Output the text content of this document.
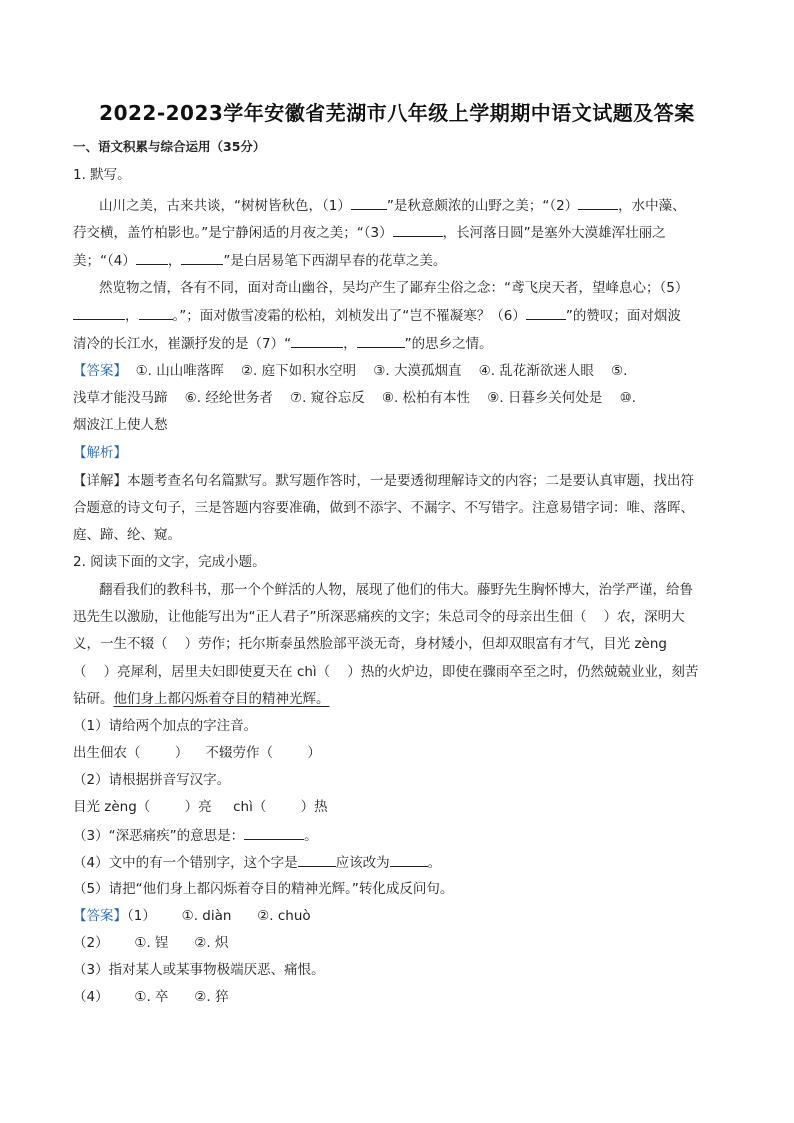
2022-2023学年安徽省芜湖市八年级上学期期中语文试题及答案
一、语文积累与综合运用（35分）
1. 默写。
山川之美，古来共谈，“树树皆秋色，（1）	”是秋意颇浓的山野之美；“（2）	，水中藻、
荇交横，盖竹柏影也。”是宁静闲适的月夜之美；“（3）	，长河落日圆”是塞外大漠雄浑壮丽之
美；“（4） ，	”是白居易笔下西湖早春的花草之美。
然览物之情，各有不同，面对奇山幽谷，吴均产生了鄙弃尘俗之念：“鸢飞戾天者，望峰息心；（5）
，	。”；面对傲雪凌霜的松柏，刘桢发出了“岂不罹凝寒？（6）	”的赞叹；面对烟波
清冷的长江水，崔灏抒发的是（7）“	，	”的思乡之情。
【答案】  ①. 山山唯落晖    ②. 庭下如积水空明    ③. 大漠孤烟直    ④. 乱花渐欲迷人眼    ⑤.
浅草才能没马蹄    ⑥. 经纶世务者    ⑦. 窥谷忘反    ⑧. 松柏有本性    ⑨. 日暮乡关何处是    ⑩.
烟波江上使人愁
【解析】
【详解】本题考查名句名篇默写。默写题作答时，一是要透彻理解诗文的内容；二是要认真审题，找出符
合题意的诗文句子，三是答题内容要准确，做到不添字、不漏字、不写错字。注意易错字词：唯、落晖、
庭、蹄、纶、窥。
2. 阅读下面的文字，完成小题。
翻看我们的教科书，那一个个鲜活的人物，展现了他们的伟大。藤野先生胸怀博大，治学严谨，给鲁
迅先生以激励，让他能写出为“正人君子”所深恶痛疾的文字；朱总司令的母亲出生佃（    ）农，深明大
义，一生不辍（    ）劳作；托尔斯泰虽然脸部平淡无奇，身材矮小，但却双眼富有才气，目光 zèng
（    ）亮犀利，居里夫妇即使夏天在 chì（    ）热的火炉边，即使在骤雨卒至之时，仍然兢兢业业，刻苦
钻研。他们身上都闪烁着夺目的精神光辉。
（1）请给两个加点的字注音。
出生佃农（        ）    不辍劳作（        ）
（2）请根据拼音写汉字。
目光 zèng（        ）亮     chì（        ）热
（3）“深恶痛疾”的意思是：	。
（4）文中的有一个错别字，这个字是	应该改为	。
（5）请把“他们身上都闪烁着夺目的精神光辉。”转化成反问句。
【答案】（1）      ①. diàn      ②. chuò
（2）      ①. 锃      ②. 炽
（3）指对某人或某事物极端厌恶、痛恨。
（4）      ①. 卒      ②. 猝
